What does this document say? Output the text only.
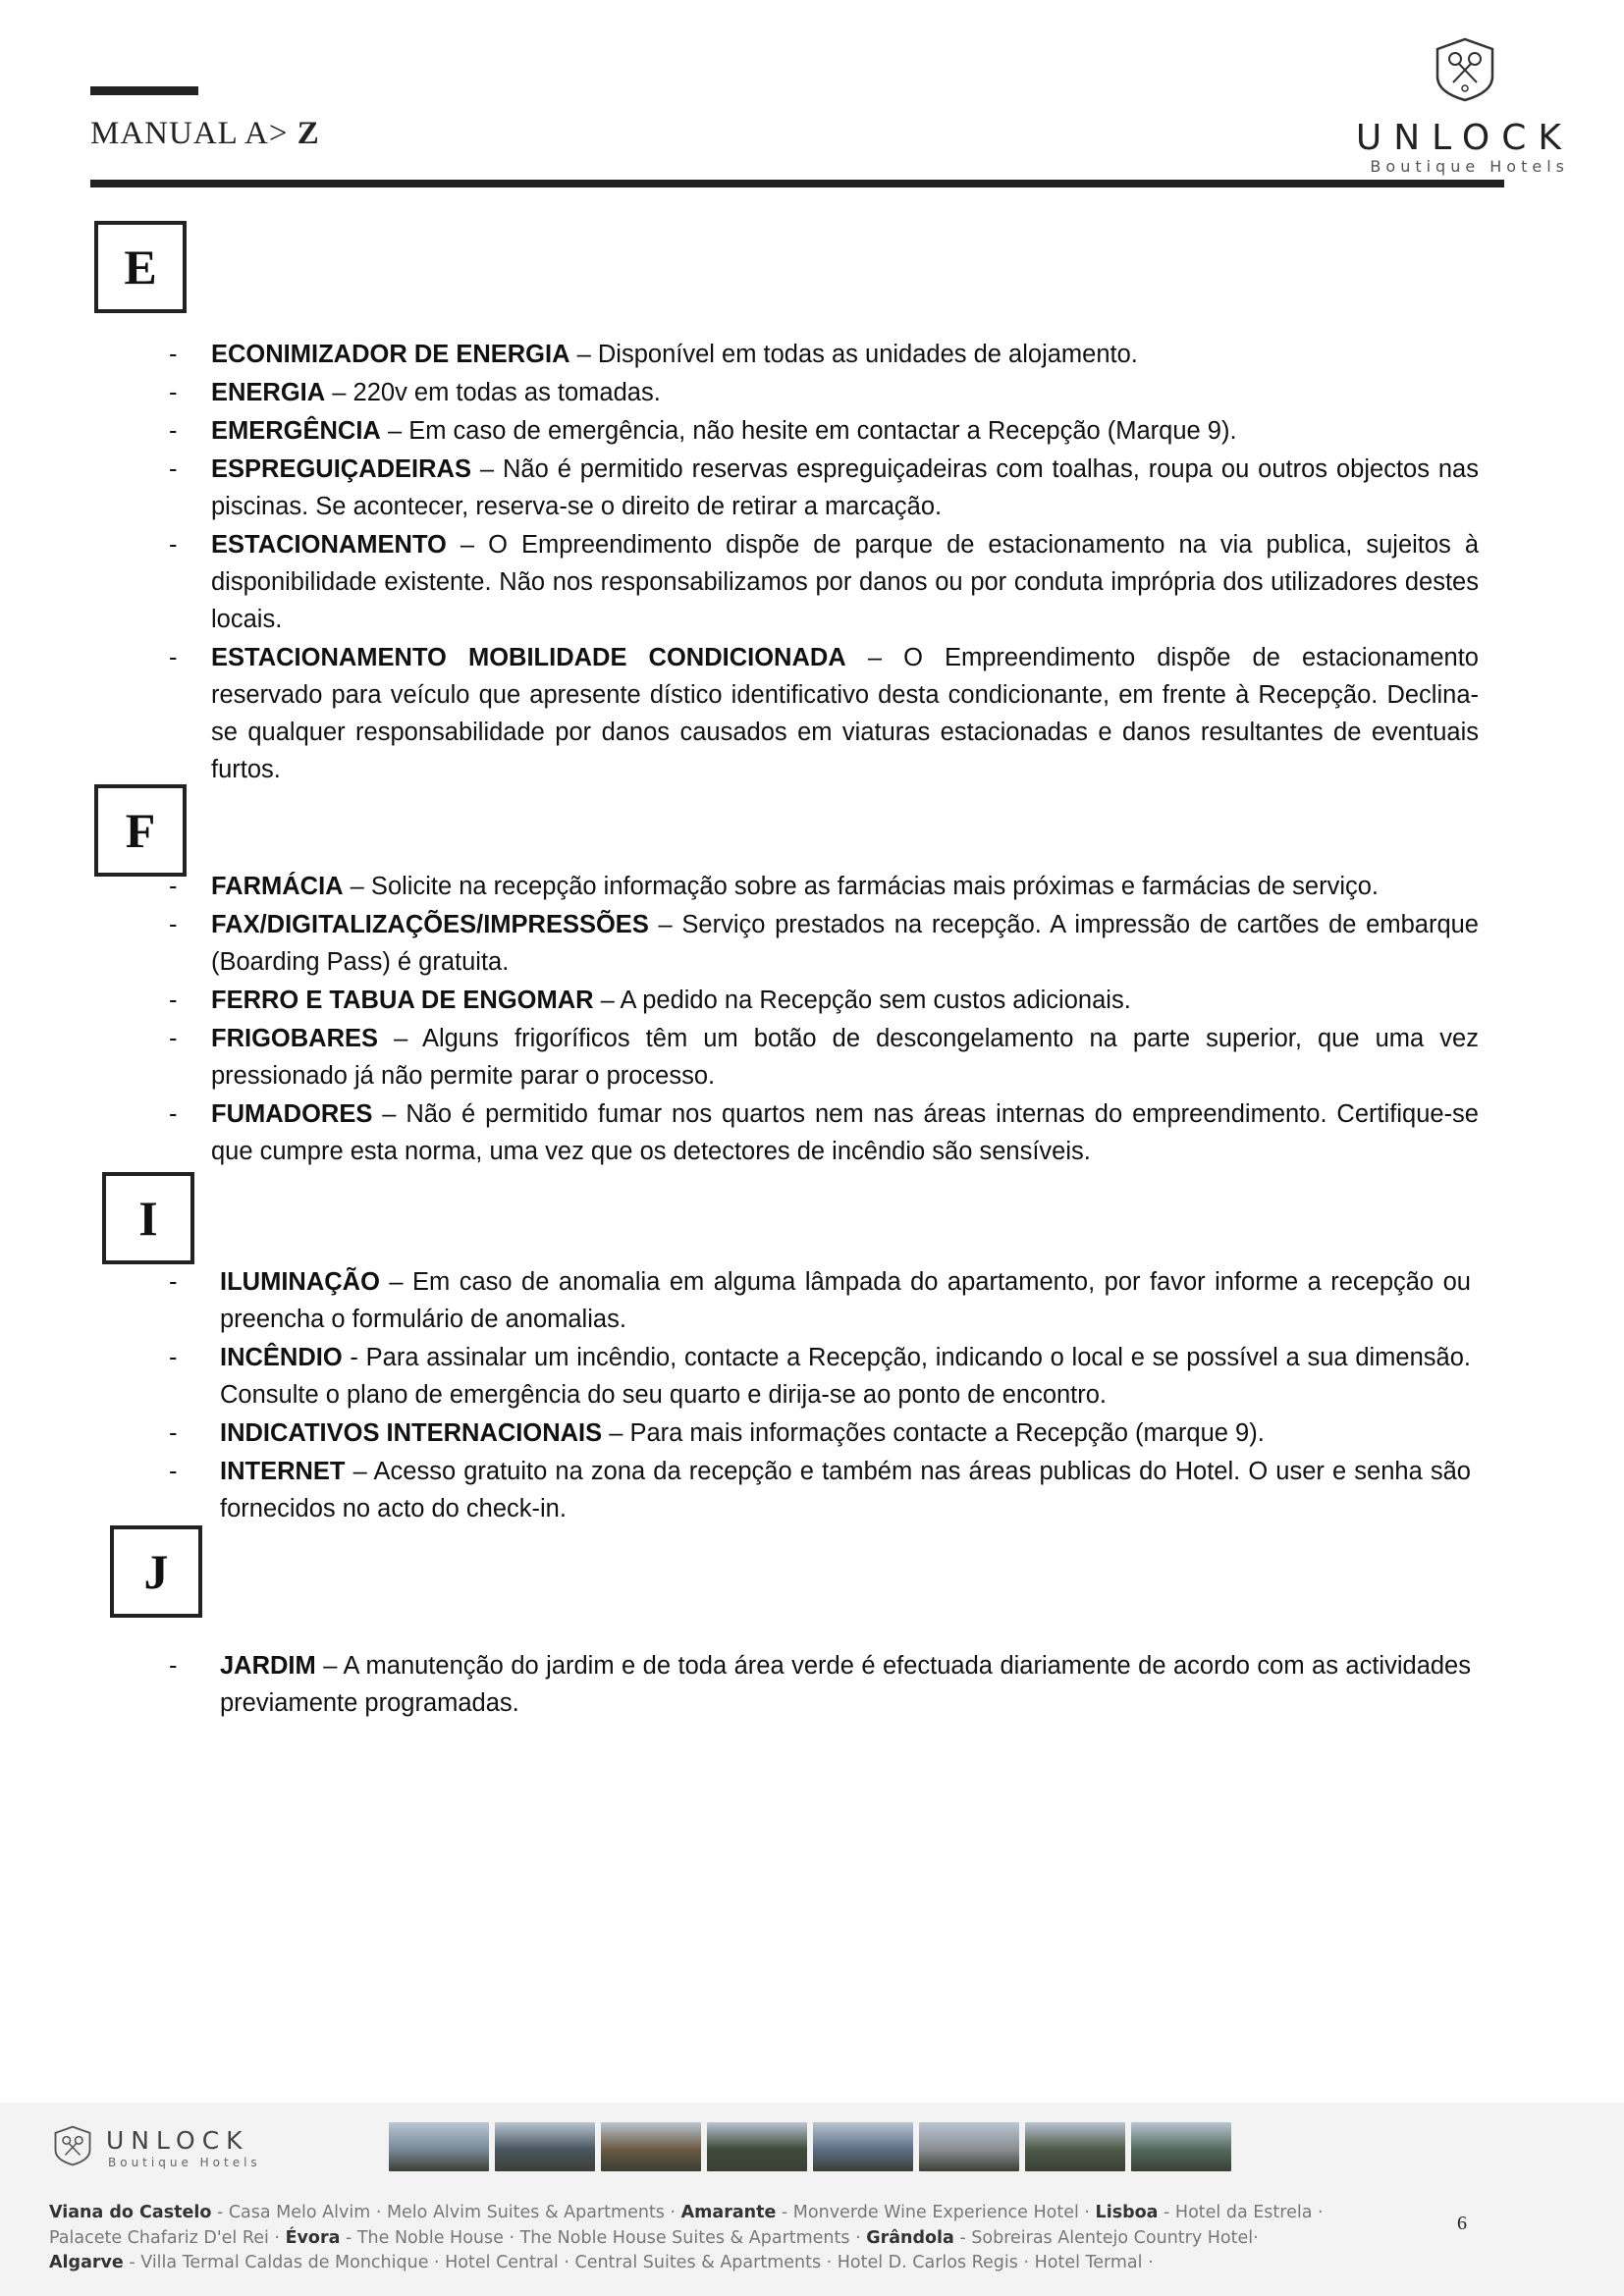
MANUAL A> Z	UNLOCK
Boutique Hotels
E
- ECONIMIZADOR DE ENERGIA – Disponível em todas as unidades de alojamento.
- ENERGIA – 220v em todas as tomadas.
- EMERGÊNCIA – Em caso de emergência, não hesite em contactar a Recepção (Marque 9).
- ESPREGUIÇADEIRAS – Não é permitido reservas espreguiçadeiras com toalhas, roupa ou outros objectos nas piscinas. Se acontecer, reserva-se o direito de retirar a marcação.
- ESTACIONAMENTO – O Empreendimento dispõe de parque de estacionamento na via publica, sujeitos à disponibilidade existente. Não nos responsabilizamos por danos ou por conduta imprópria dos utilizadores destes locais.
- ESTACIONAMENTO MOBILIDADE CONDICIONADA – O Empreendimento dispõe de estacionamento reservado para veículo que apresente dístico identificativo desta condicionante, em frente à Recepção. Declina-se qualquer responsabilidade por danos causados em viaturas estacionadas e danos resultantes de eventuais furtos.
F
- FARMÁCIA – Solicite na recepção informação sobre as farmácias mais próximas e farmácias de serviço.
- FAX/DIGITALIZAÇÕES/IMPRESSÕES – Serviço prestados na recepção. A impressão de cartões de embarque (Boarding Pass) é gratuita.
- FERRO E TABUA DE ENGOMAR – A pedido na Recepção sem custos adicionais.
- FRIGOBARES – Alguns frigoríficos têm um botão de descongelamento na parte superior, que uma vez pressionado já não permite parar o processo.
- FUMADORES – Não é permitido fumar nos quartos nem nas áreas internas do empreendimento. Certifique-se que cumpre esta norma, uma vez que os detectores de incêndio são sensíveis.
I
- ILUMINAÇÃO – Em caso de anomalia em alguma lâmpada do apartamento, por favor informe a recepção ou preencha o formulário de anomalias.
- INCÊNDIO - Para assinalar um incêndio, contacte a Recepção, indicando o local e se possível a sua dimensão. Consulte o plano de emergência do seu quarto e dirija-se ao ponto de encontro.
- INDICATIVOS INTERNACIONAIS – Para mais informações contacte a Recepção (marque 9).
- INTERNET – Acesso gratuito na zona da recepção e também nas áreas publicas do Hotel. O user e senha são fornecidos no acto do check-in.
J
- JARDIM – A manutenção do jardim e de toda área verde é efectuada diariamente de acordo com as actividades previamente programadas.
UNLOCK
Boutique Hotels
Viana do Castelo - Casa Melo Alvim · Melo Alvim Suites & Apartments · Amarante - Monverde Wine Experience Hotel · Lisboa - Hotel da Estrela ·
Palacete Chafariz D'el Rei · Évora - The Noble House · The Noble House Suites & Apartments · Grândola - Sobreiras Alentejo Country Hotel·
Algarve - Villa Termal Caldas de Monchique · Hotel Central · Central Suites & Apartments · Hotel D. Carlos Regis · Hotel Termal ·
6
